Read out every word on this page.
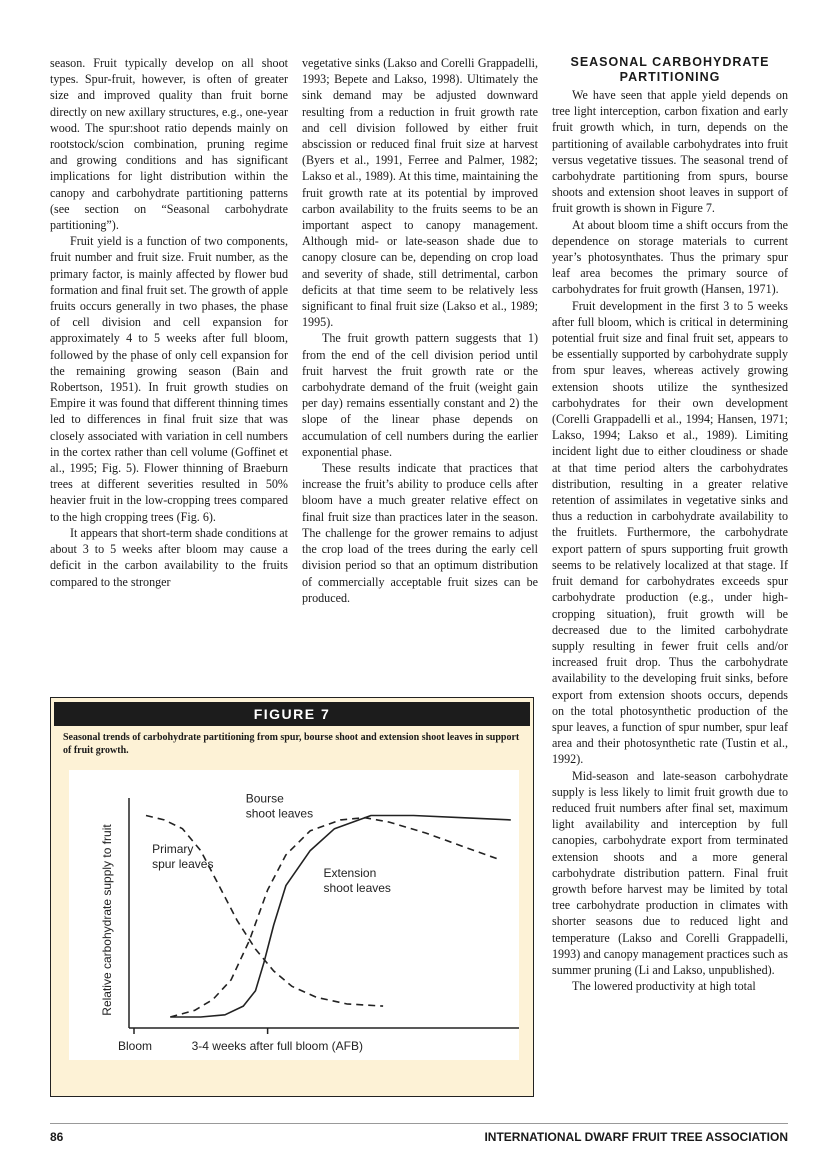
season. Fruit typically develop on all shoot types. Spur-fruit, however, is often of greater size and improved quality than fruit borne directly on new axillary structures, e.g., one-year wood. The spur:shoot ratio depends mainly on rootstock/scion combination, pruning regime and growing conditions and has significant implications for light distribution within the canopy and carbohydrate partitioning patterns (see section on “Seasonal carbohydrate partitioning”).

Fruit yield is a function of two components, fruit number and fruit size. Fruit number, as the primary factor, is mainly affected by flower bud formation and final fruit set. The growth of apple fruits occurs generally in two phases, the phase of cell division and cell expansion for approximately 4 to 5 weeks after full bloom, followed by the phase of only cell expansion for the remaining growing season (Bain and Robertson, 1951). In fruit growth studies on Empire it was found that different thinning times led to differences in final fruit size that was closely associated with variation in cell numbers in the cortex rather than cell volume (Goffinet et al., 1995; Fig. 5). Flower thinning of Braeburn trees at different severities resulted in 50% heavier fruit in the low-cropping trees compared to the high cropping trees (Fig. 6).

It appears that short-term shade conditions at about 3 to 5 weeks after bloom may cause a deficit in the carbon availability to the fruits compared to the stronger

vegetative sinks (Lakso and Corelli Grappadelli, 1993; Bepete and Lakso, 1998). Ultimately the sink demand may be adjusted downward resulting from a reduction in fruit growth rate and cell division followed by either fruit abscission or reduced final fruit size at harvest (Byers et al., 1991, Ferree and Palmer, 1982; Lakso et al., 1989). At this time, maintaining the fruit growth rate at its potential by improved carbon availability to the fruits seems to be an important aspect to canopy management. Although mid- or late-season shade due to canopy closure can be, depending on crop load and severity of shade, still detrimental, carbon deficits at that time seem to be relatively less significant to final fruit size (Lakso et al., 1989; 1995).

The fruit growth pattern suggests that 1) from the end of the cell division period until fruit harvest the fruit growth rate or the carbohydrate demand of the fruit (weight gain per day) remains essentially constant and 2) the slope of the linear phase depends on accumulation of cell numbers during the earlier exponential phase.

These results indicate that practices that increase the fruit’s ability to produce cells after bloom have a much greater relative effect on final fruit size than practices later in the season. The challenge for the grower remains to adjust the crop load of the trees during the early cell division period so that an optimum distribution of commercially acceptable fruit sizes can be produced.

SEASONAL CARBOHYDRATE PARTITIONING

We have seen that apple yield depends on tree light interception, carbon fixation and early fruit growth which, in turn, depends on the partitioning of available carbohydrates into fruit versus vegetative tissues. The seasonal trend of carbohydrate partitioning from spurs, bourse shoots and extension shoot leaves in support of fruit growth is shown in Figure 7.

At about bloom time a shift occurs from the dependence on storage materials to current year’s photosynthates. Thus the primary spur leaf area becomes the primary source of carbohydrates for fruit growth (Hansen, 1971).

Fruit development in the first 3 to 5 weeks after full bloom, which is critical in determining potential fruit size and final fruit set, appears to be essentially supported by carbohydrate supply from spur leaves, whereas actively growing extension shoots utilize the synthesized carbohydrates for their own development (Corelli Grappadelli et al., 1994; Hansen, 1971; Lakso, 1994; Lakso et al., 1989). Limiting incident light due to either cloudiness or shade at that time period alters the carbohydrates distribution, resulting in a greater relative retention of assimilates in vegetative sinks and thus a reduction in carbohydrate availability to the fruitlets. Furthermore, the carbohydrate export pattern of spurs supporting fruit growth seems to be relatively localized at that stage. If fruit demand for carbohydrates exceeds spur carbohydrate production (e.g., under high-cropping situation), fruit growth will be decreased due to the limited carbohydrate supply resulting in fewer fruit cells and/or increased fruit drop. Thus the carbohydrate availability to the developing fruit sinks, before export from extension shoots occurs, depends on the total photosynthetic production of the spur leaves, a function of spur number, spur leaf area and their photosynthetic rate (Tustin et al., 1992).

Mid-season and late-season carbohydrate supply is less likely to limit fruit growth due to reduced fruit numbers after final set, maximum light availability and interception by full canopies, carbohydrate export from terminated extension shoots and a more general carbohydrate distribution pattern. Final fruit growth before harvest may be limited by total tree carbohydrate production in climates with shorter seasons due to reduced light and temperature (Lakso and Corelli Grappadelli, 1993) and canopy management practices such as summer pruning (Li and Lakso, unpublished).

The lowered productivity at high total

FIGURE 7
Seasonal trends of carbohydrate partitioning from spur, bourse shoot and extension shoot leaves in support of fruit growth.
Relative carbohydrate supply to fruit
Bloom	3-4 weeks after full bloom (AFB)
Primary
spur leaves
Bourse
shoot leaves
Extension
shoot leaves
86	INTERNATIONAL DWARF FRUIT TREE ASSOCIATION
